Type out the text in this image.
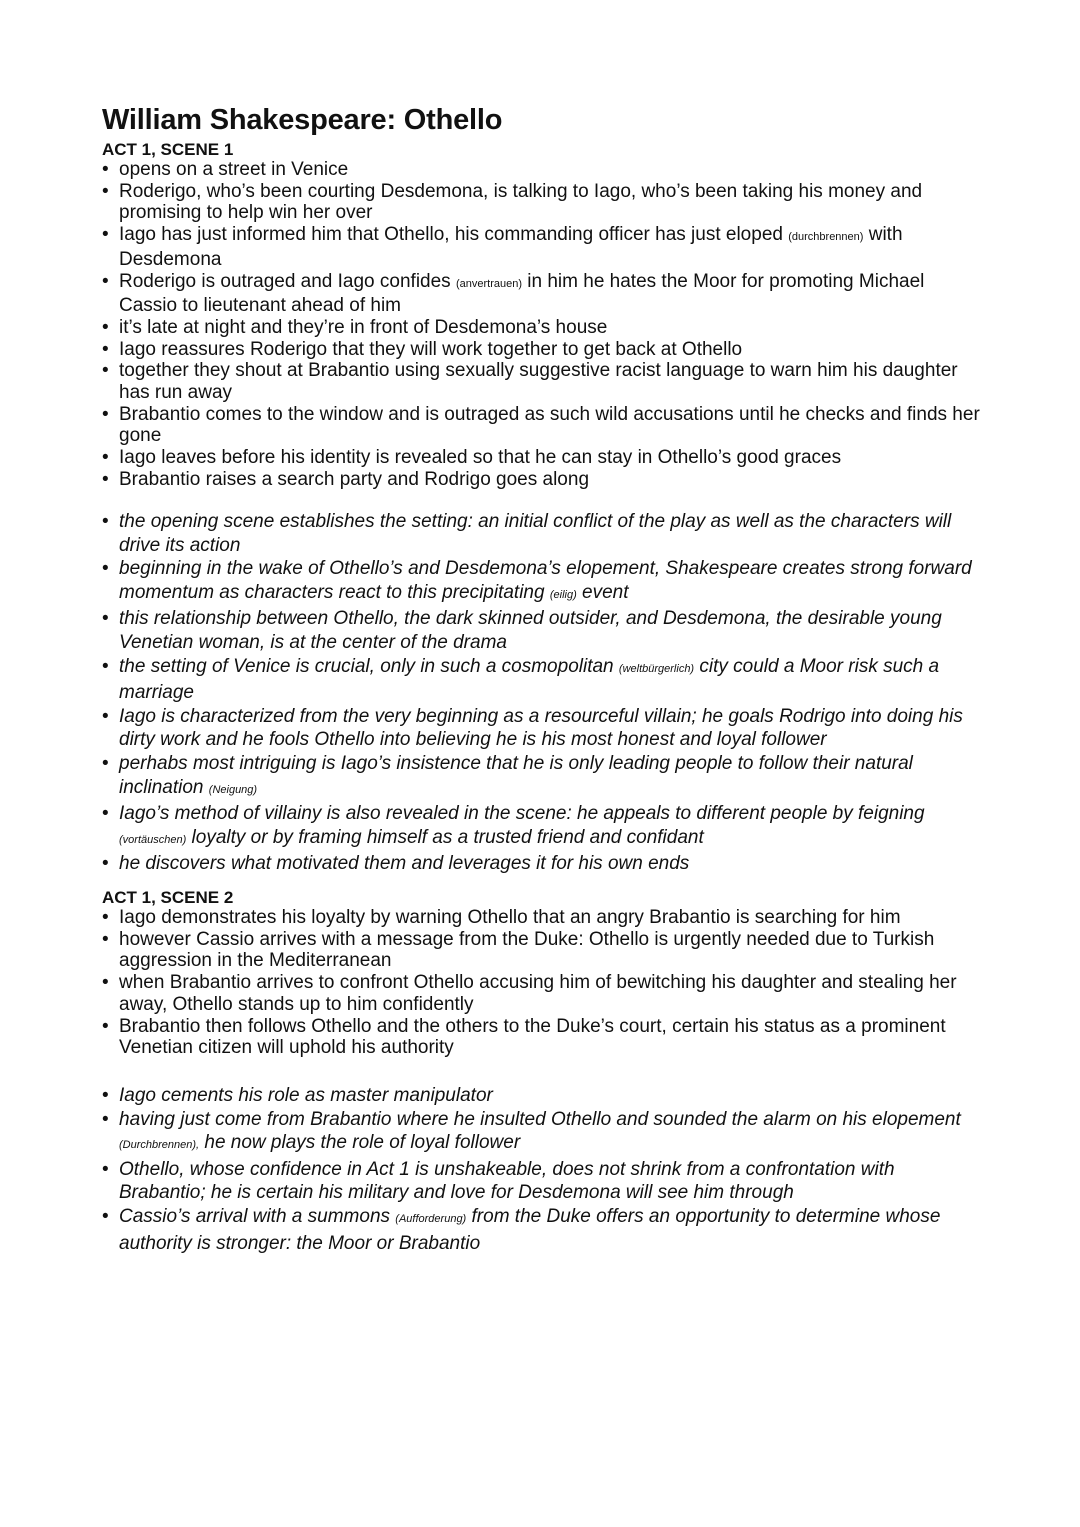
William Shakespeare: Othello
ACT 1, SCENE 1
• opens on a street in Venice
• Roderigo, who’s been courting Desdemona, is talking to Iago, who’s been taking his money and promising to help win her over
• Iago has just informed him that Othello, his commanding officer has just eloped (durchbrennen) with Desdemona
• Roderigo is outraged and Iago confides (anvertrauen) in him he hates the Moor for promoting Michael Cassio to lieutenant ahead of him
• it’s late at night and they’re in front of Desdemona’s house
• Iago reassures Roderigo that they will work together to get back at Othello
• together they shout at Brabantio using sexually suggestive racist language to warn him his daughter has run away
• Brabantio comes to the window and is outraged as such wild accusations until he checks and finds her gone
• Iago leaves before his identity is revealed so that he can stay in Othello’s good graces
• Brabantio raises a search party and Rodrigo goes along
• the opening scene establishes the setting: an initial conflict of the play as well as the characters will drive its action
• beginning in the wake of Othello’s and Desdemona’s elopement, Shakespeare creates strong forward momentum as characters react to this precipitating (eilig) event
• this relationship between Othello, the dark skinned outsider, and Desdemona, the desirable young Venetian woman, is at the center of the drama
• the setting of Venice is crucial, only in such a cosmopolitan (weltbürgerlich) city could a Moor risk such a marriage
• Iago is characterized from the very beginning as a resourceful villain; he goals Rodrigo into doing his dirty work and he fools Othello into believing he is his most honest and loyal follower
• perhabs most intriguing is Iago’s insistence that he is only leading people to follow their natural inclination (Neigung)
• Iago’s method of villainy is also revealed in the scene: he appeals to different people by feigning (vortäuschen) loyalty or by framing himself as a trusted friend and confidant
• he discovers what motivated them and leverages it for his own ends
ACT 1, SCENE 2
• Iago demonstrates his loyalty by warning Othello that an angry Brabantio is searching for him
• however Cassio arrives with a message from the Duke: Othello is urgently needed due to Turkish aggression in the Mediterranean
• when Brabantio arrives to confront Othello accusing him of bewitching his daughter and stealing her away, Othello stands up to him confidently
• Brabantio then follows Othello and the others to the Duke’s court, certain his status as a prominent Venetian citizen will uphold his authority
• Iago cements his role as master manipulator
• having just come from Brabantio where he insulted Othello and sounded the alarm on his elopement (Durchbrennen), he now plays the role of loyal follower
• Othello, whose confidence in Act 1 is unshakeable, does not shrink from a confrontation with Brabantio; he is certain his military and love for Desdemona will see him through
• Cassio’s arrival with a summons (Aufforderung) from the Duke offers an opportunity to determine whose authority is stronger: the Moor or Brabantio
